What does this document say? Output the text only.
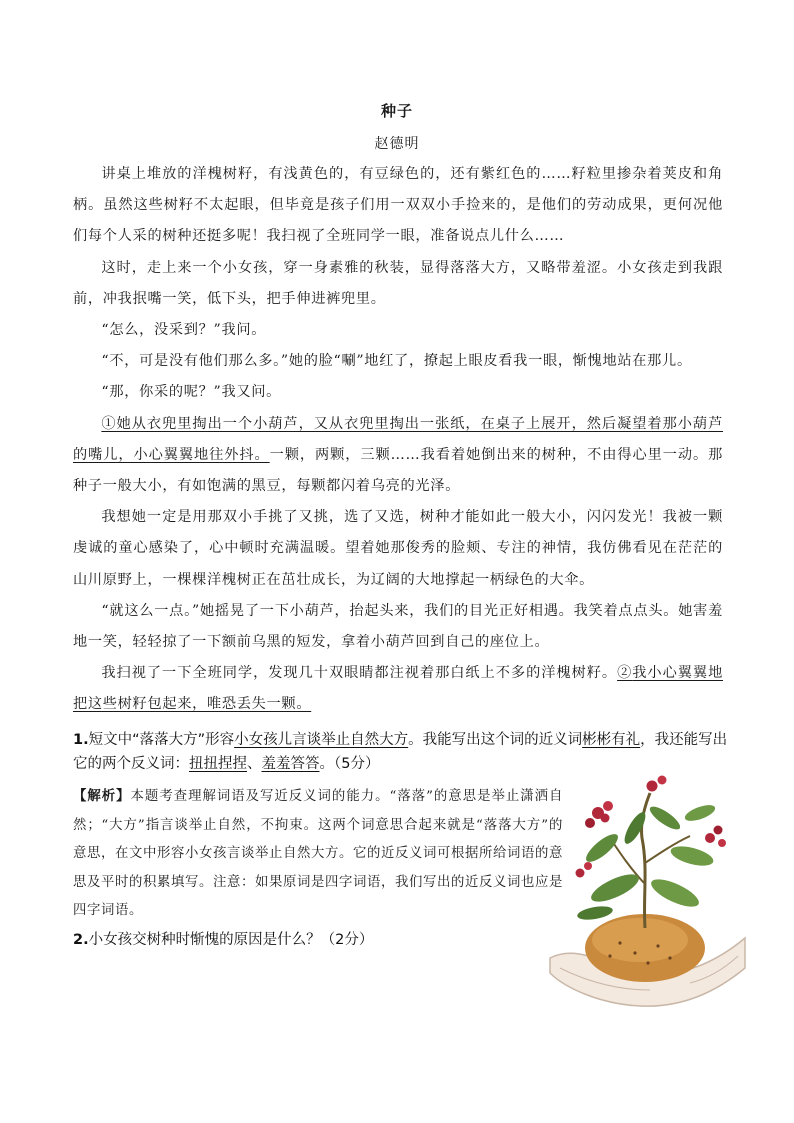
种子
赵德明

讲桌上堆放的洋槐树籽，有浅黄色的，有豆绿色的，还有紫红色的……籽粒里掺杂着荚皮和角柄。虽然这些树籽不太起眼，但毕竟是孩子们用一双双小手捡来的，是他们的劳动成果，更何况他们每个人采的树种还挺多呢！我扫视了全班同学一眼，准备说点儿什么……

这时，走上来一个小女孩，穿一身素雅的秋装，显得落落大方，又略带羞涩。小女孩走到我跟前，冲我抿嘴一笑，低下头，把手伸进裤兜里。

“怎么，没采到？”我问。

“不，可是没有他们那么多。”她的脸“唰”地红了，撩起上眼皮看我一眼，惭愧地站在那儿。

“那，你采的呢？”我又问。

①她从衣兜里掏出一个小葫芦，又从衣兜里掏出一张纸，在桌子上展开，然后凝望着那小葫芦的嘴儿，小心翼翼地往外抖。一颗，两颗，三颗……我看着她倒出来的树种，不由得心里一动。那种子一般大小，有如饱满的黑豆，每颗都闪着乌亮的光泽。

我想她一定是用那双小手挑了又挑，选了又选，树种才能如此一般大小，闪闪发光！我被一颗虔诚的童心感染了，心中顿时充满温暖。望着她那俊秀的脸颊、专注的神情，我仿佛看见在茫茫的山川原野上，一棵棵洋槐树正在茁壮成长，为辽阔的大地撑起一柄绿色的大伞。

“就这么一点。”她摇晃了一下小葫芦，抬起头来，我们的目光正好相遇。我笑着点点头。她害羞地一笑，轻轻掠了一下额前乌黑的短发，拿着小葫芦回到自己的座位上。

我扫视了一下全班同学，发现几十双眼睛都注视着那白纸上不多的洋槐树籽。②我小心翼翼地把这些树籽包起来，唯恐丢失一颗。

1.短文中“落落大方”形容小女孩儿言谈举止自然大方。我能写出这个词的近义词彬彬有礼，我还能写出它的两个反义词：扭扭捏捏、羞羞答答。（5分）

【解析】本题考查理解词语及写近反义词的能力。“落落”的意思是举止潇洒自然；“大方”指言谈举止自然，不拘束。这两个词意思合起来就是“落落大方”的意思，在文中形容小女孩言谈举止自然大方。它的近反义词可根据所给词语的意思及平时的积累填写。注意：如果原词是四字词语，我们写出的近反义词也应是四字词语。

2.小女孩交树种时惭愧的原因是什么？（2分）
